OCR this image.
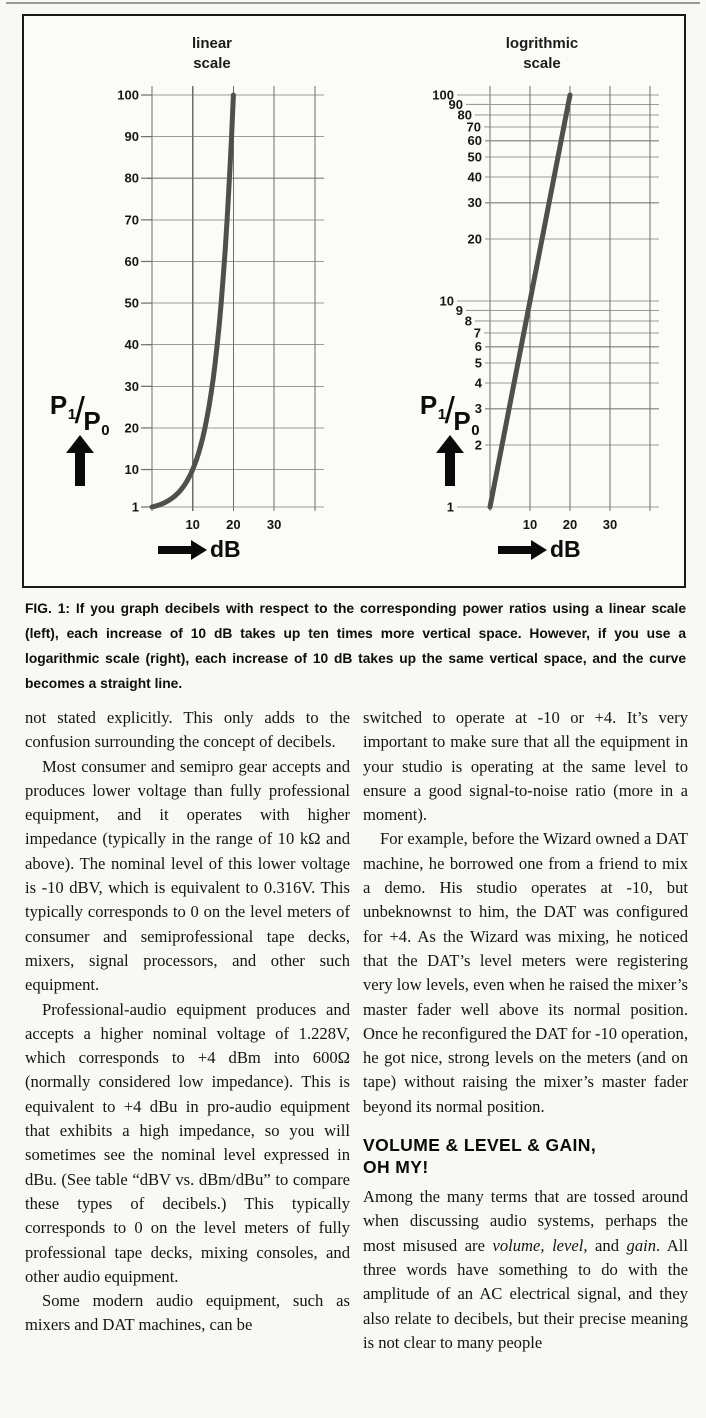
linear
scale
logrithmic
scale
100
90
80
70
60
50
40
30
20
10
1
10 20 30
100
90
80
70
60
50
40
30
20
10
9
8
7
6
5
4
3
2
1
10 20 30
$P_1/P_0$
$P_1/P_0$
dB	dB

FIG. 1: If you graph decibels with respect to the corresponding power ratios using a linear scale (left), each increase of 10 dB takes up ten times more vertical space. However, if you use a logarithmic scale (right), each increase of 10 dB takes up the same vertical space, and the curve becomes a straight line.

not stated explicitly. This only adds to the confusion surrounding the concept of decibels.

Most consumer and semipro gear accepts and produces lower voltage than fully professional equipment, and it operates with higher impedance (typically in the range of 10 kΩ and above). The nominal level of this lower voltage is -10 dBV, which is equivalent to 0.316V. This typically corresponds to 0 on the level meters of consumer and semiprofessional tape decks, mixers, signal processors, and other such equipment.

Professional-audio equipment produces and accepts a higher nominal voltage of 1.228V, which corresponds to +4 dBm into 600Ω (normally considered low impedance). This is equivalent to +4 dBu in pro-audio equipment that exhibits a high impedance, so you will sometimes see the nominal level expressed in dBu. (See table “dBV vs. dBm/dBu” to compare these types of decibels.) This typically corresponds to 0 on the level meters of fully professional tape decks, mixing consoles, and other audio equipment.

Some modern audio equipment, such as mixers and DAT machines, can be

switched to operate at -10 or +4. It’s very important to make sure that all the equipment in your studio is operating at the same level to ensure a good signal-to-noise ratio (more in a moment).

For example, before the Wizard owned a DAT machine, he borrowed one from a friend to mix a demo. His studio operates at -10, but unbeknownst to him, the DAT was configured for +4. As the Wizard was mixing, he noticed that the DAT’s level meters were registering very low levels, even when he raised the mixer’s master fader well above its normal position. Once he reconfigured the DAT for -10 operation, he got nice, strong levels on the meters (and on tape) without raising the mixer’s master fader beyond its normal position.

VOLUME & LEVEL & GAIN,
OH MY!

Among the many terms that are tossed around when discussing audio systems, perhaps the most misused are volume, level, and gain. All three words have something to do with the amplitude of an AC electrical signal, and they also relate to decibels, but their precise meaning is not clear to many people
